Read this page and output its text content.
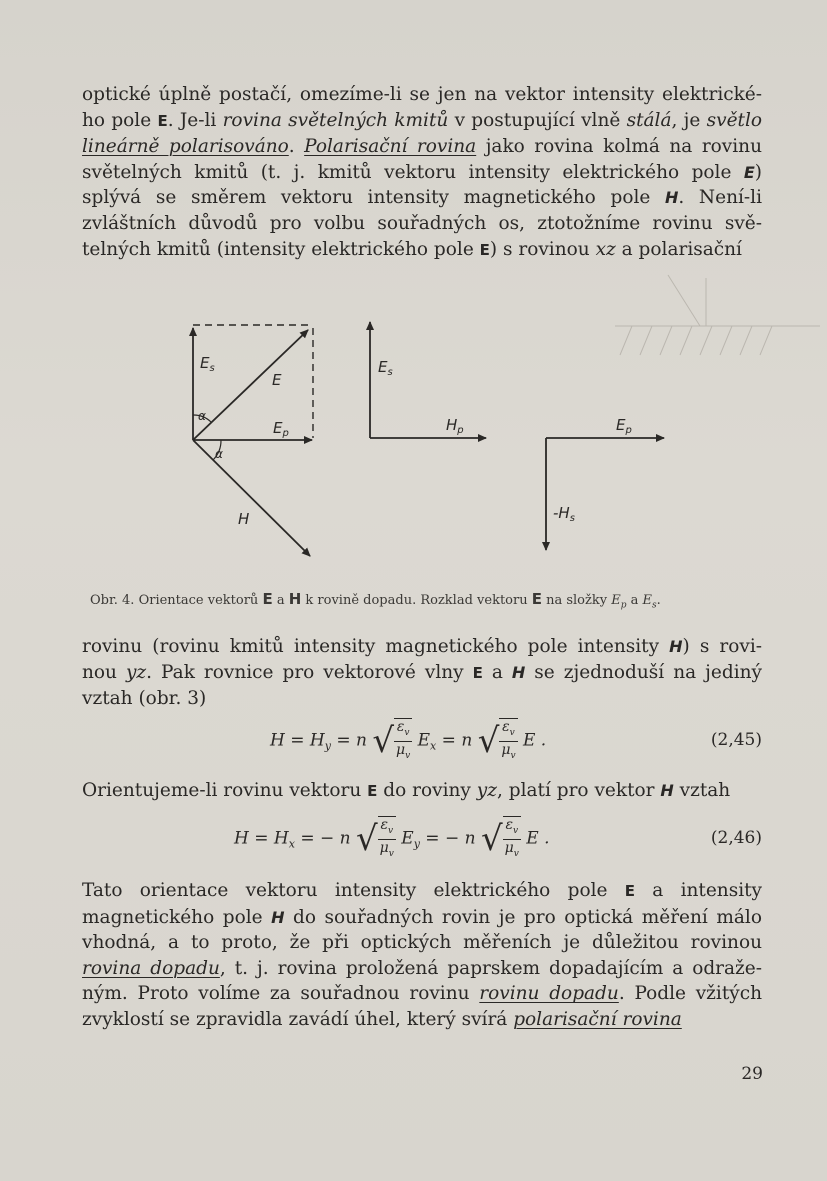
optické úplně postačí, omezíme-li se jen na vektor intensity elektrické-
ho pole E. Je-li rovina světelných kmitů v postupující vlně stálá, je světlo
lineárně polarisováno. Polarisační rovina jako rovina kolmá na rovinu
světelných kmitů (t. j. kmitů vektoru intensity elektrického pole E)
splývá se směrem vektoru intensity magnetického pole H. Není-li
zvláštních důvodů pro volbu souřadných os, ztotožníme rovinu svě-
telných kmitů (intensity elektrického pole E) s rovinou xz a polarisační
$E_s$
E
$E_p$
α
α
H
$E_s$
$H_p$	$E_p$
$-H_s$
Obr. 4. Orientace vektorů E a H k rovině dopadu. Rozklad vektoru E na složky $E_p$ a $E_s$.
rovinu (rovinu kmitů intensity magnetického pole intensity H) s rovi-
nou yz. Pak rovnice pro vektorové vlny E a H se zjednoduší na jediný
vztah (obr. 3)
$H = H_y = n$ √ $\frac{\varepsilon_v}{\mu_v} E_x = n$ √ $\frac{\varepsilon_v}{\mu_v}$ E .	(2,45)
Orientujeme-li rovinu vektoru E do roviny yz, platí pro vektor H vztah
$H = H_x$ = − n √ $\frac{\varepsilon_v}{\mu_v} E_y$ = − n √ $\frac{\varepsilon_v}{\mu_v}$ E .	(2,46)
Tato orientace vektoru intensity elektrického pole E a intensity
magnetického pole H do souřadných rovin je pro optická měření málo
vhodná, a to proto, že při optických měřeních je důležitou rovinou
rovina dopadu, t. j. rovina proložená paprskem dopadajícím a odraže-
ným. Proto volíme za souřadnou rovinu rovinu dopadu. Podle vžitých
zvyklostí se zpravidla zavádí úhel, který svírá polarisační rovina
29
